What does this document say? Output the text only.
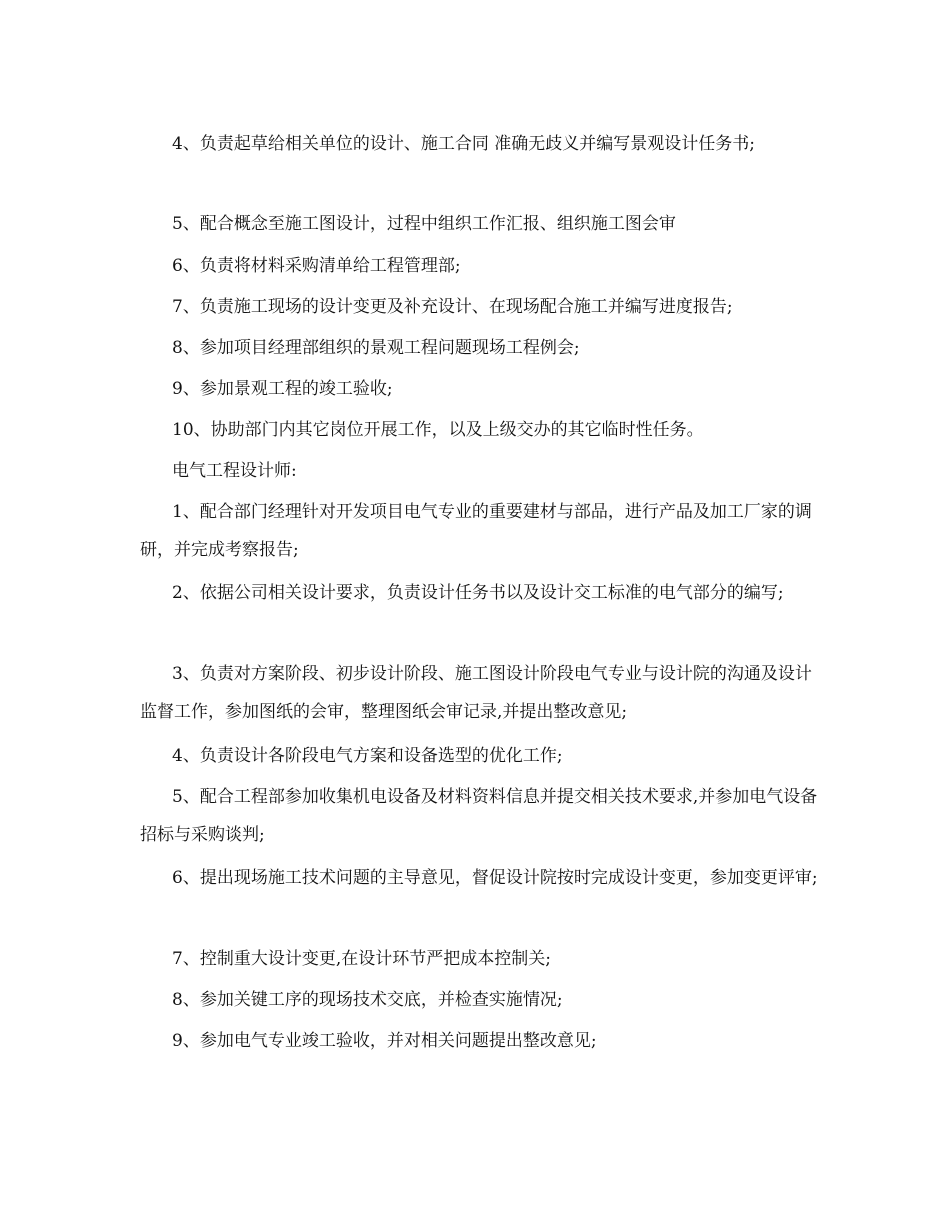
4、负责起草给相关单位的设计、施工合同 准确无歧义并编写景观设计任务书;

5、配合概念至施工图设计，过程中组织工作汇报、组织施工图会审

6、负责将材料采购清单给工程管理部;

7、负责施工现场的设计变更及补充设计、在现场配合施工并编写进度报告;

8、参加项目经理部组织的景观工程问题现场工程例会;

9、参加景观工程的竣工验收;

10、协助部门内其它岗位开展工作，以及上级交办的其它临时性任务。

电气工程设计师:

1、配合部门经理针对开发项目电气专业的重要建材与部品，进行产品及加工厂家的调研，并完成考察报告;

2、依据公司相关设计要求，负责设计任务书以及设计交工标准的电气部分的编写;

3、负责对方案阶段、初步设计阶段、施工图设计阶段电气专业与设计院的沟通及设计监督工作，参加图纸的会审，整理图纸会审记录,并提出整改意见;

4、负责设计各阶段电气方案和设备选型的优化工作;

5、配合工程部参加收集机电设备及材料资料信息并提交相关技术要求,并参加电气设备招标与采购谈判;

6、提出现场施工技术问题的主导意见，督促设计院按时完成设计变更，参加变更评审;

7、控制重大设计变更,在设计环节严把成本控制关;

8、参加关键工序的现场技术交底，并检查实施情况;

9、参加电气专业竣工验收，并对相关问题提出整改意见;
